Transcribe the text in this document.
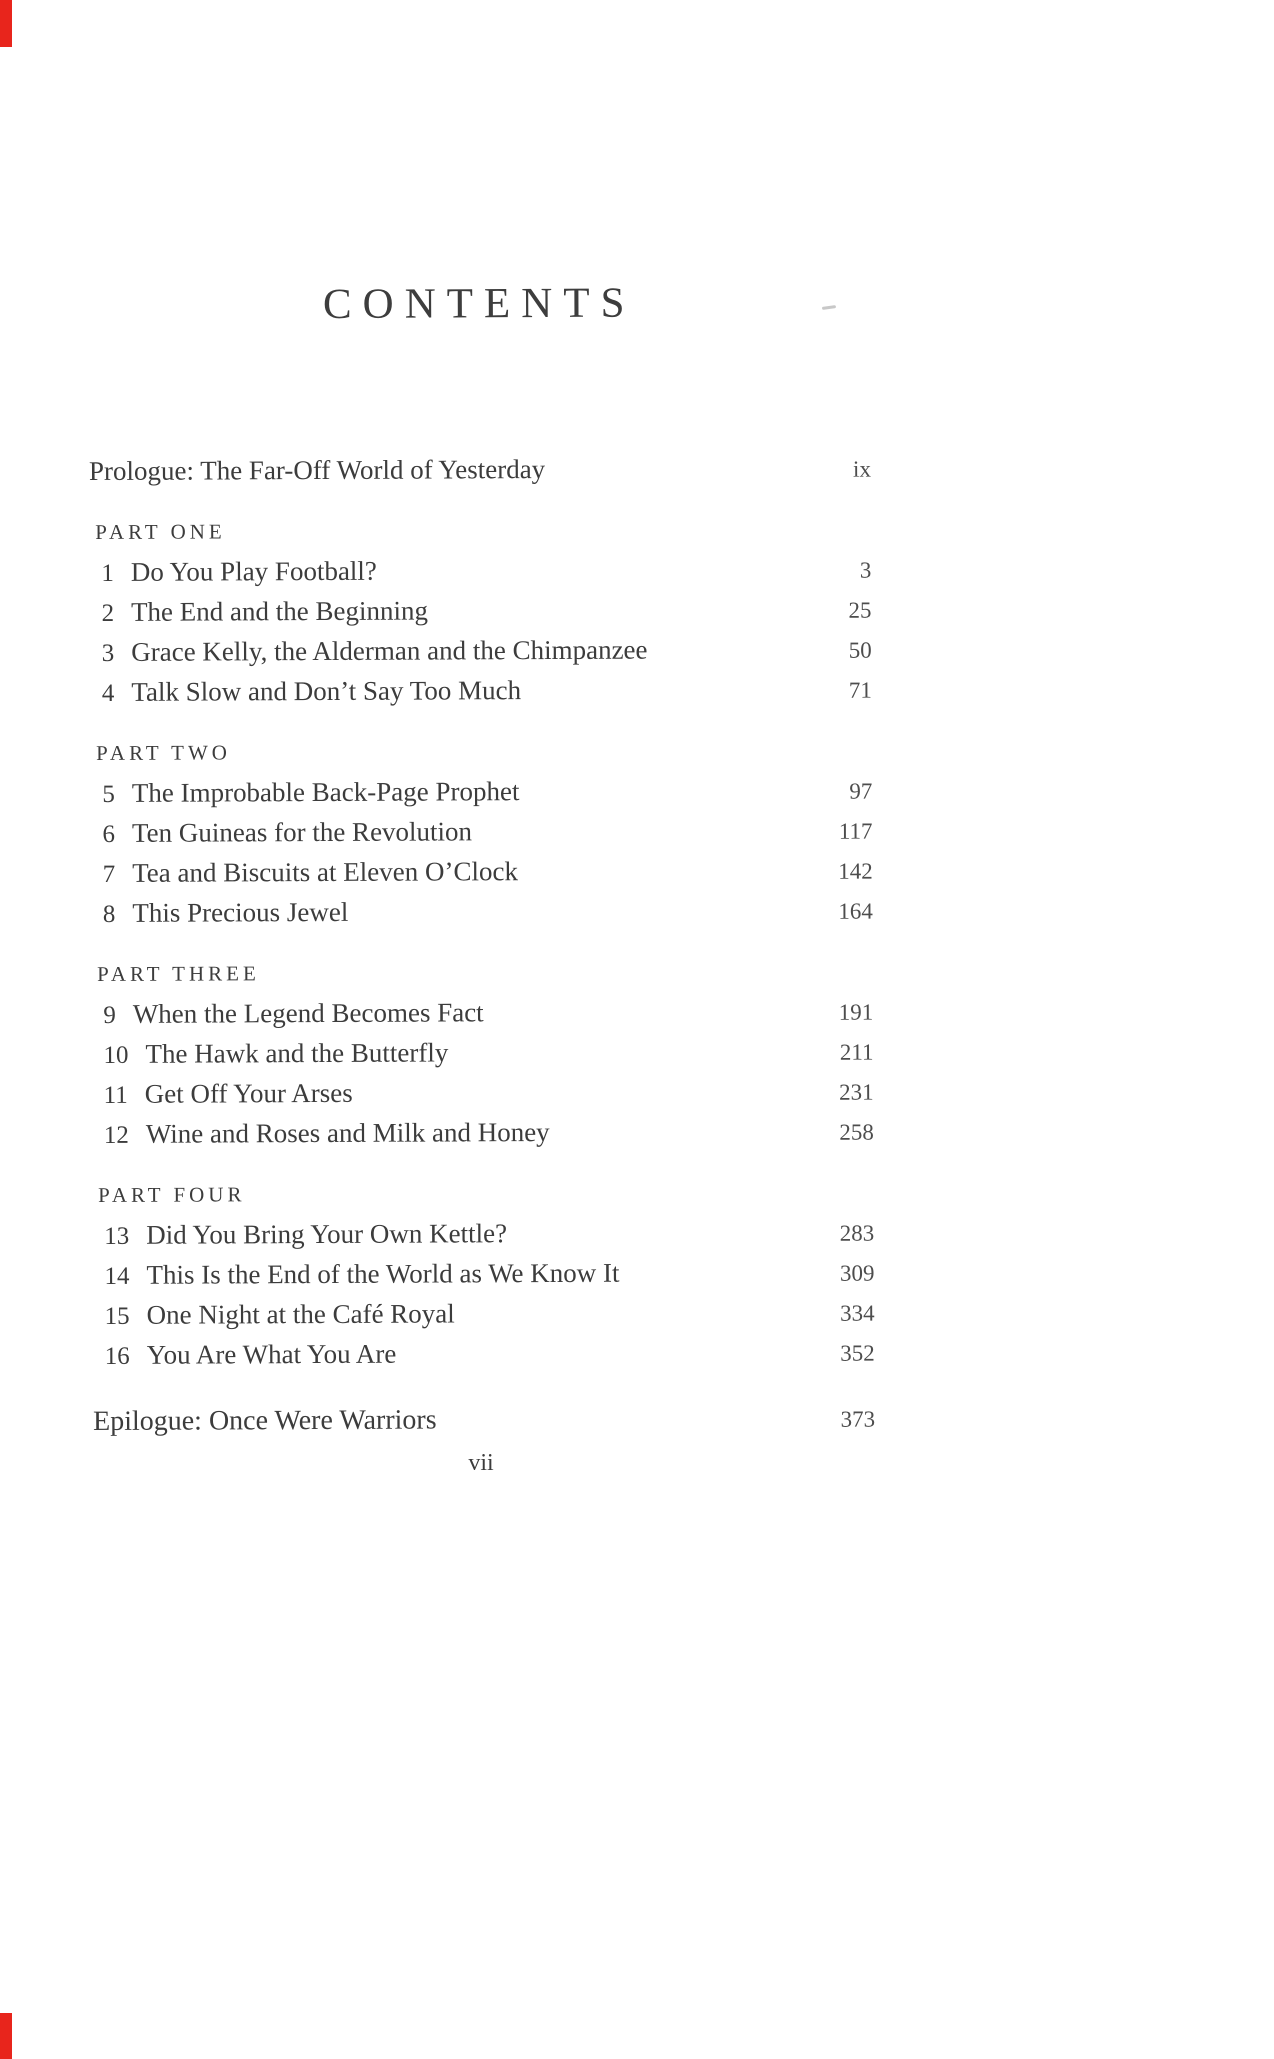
CONTENTS
Prologue: The Far-Off World of Yesterday	ix
PART ONE
1 Do You Play Football?	3
2 The End and the Beginning	25
3 Grace Kelly, the Alderman and the Chimpanzee	50
4 Talk Slow and Don’t Say Too Much	71
PART TWO
5 The Improbable Back-Page Prophet	97
6 Ten Guineas for the Revolution	117
7 Tea and Biscuits at Eleven O’Clock	142
8 This Precious Jewel	164
PART THREE
9 When the Legend Becomes Fact	191
10 The Hawk and the Butterfly	211
11 Get Off Your Arses	231
12 Wine and Roses and Milk and Honey	258
PART FOUR
13 Did You Bring Your Own Kettle?	283
14 This Is the End of the World as We Know It	309
15 One Night at the Café Royal	334
16 You Are What You Are	352
Epilogue: Once Were Warriors	373
vii
